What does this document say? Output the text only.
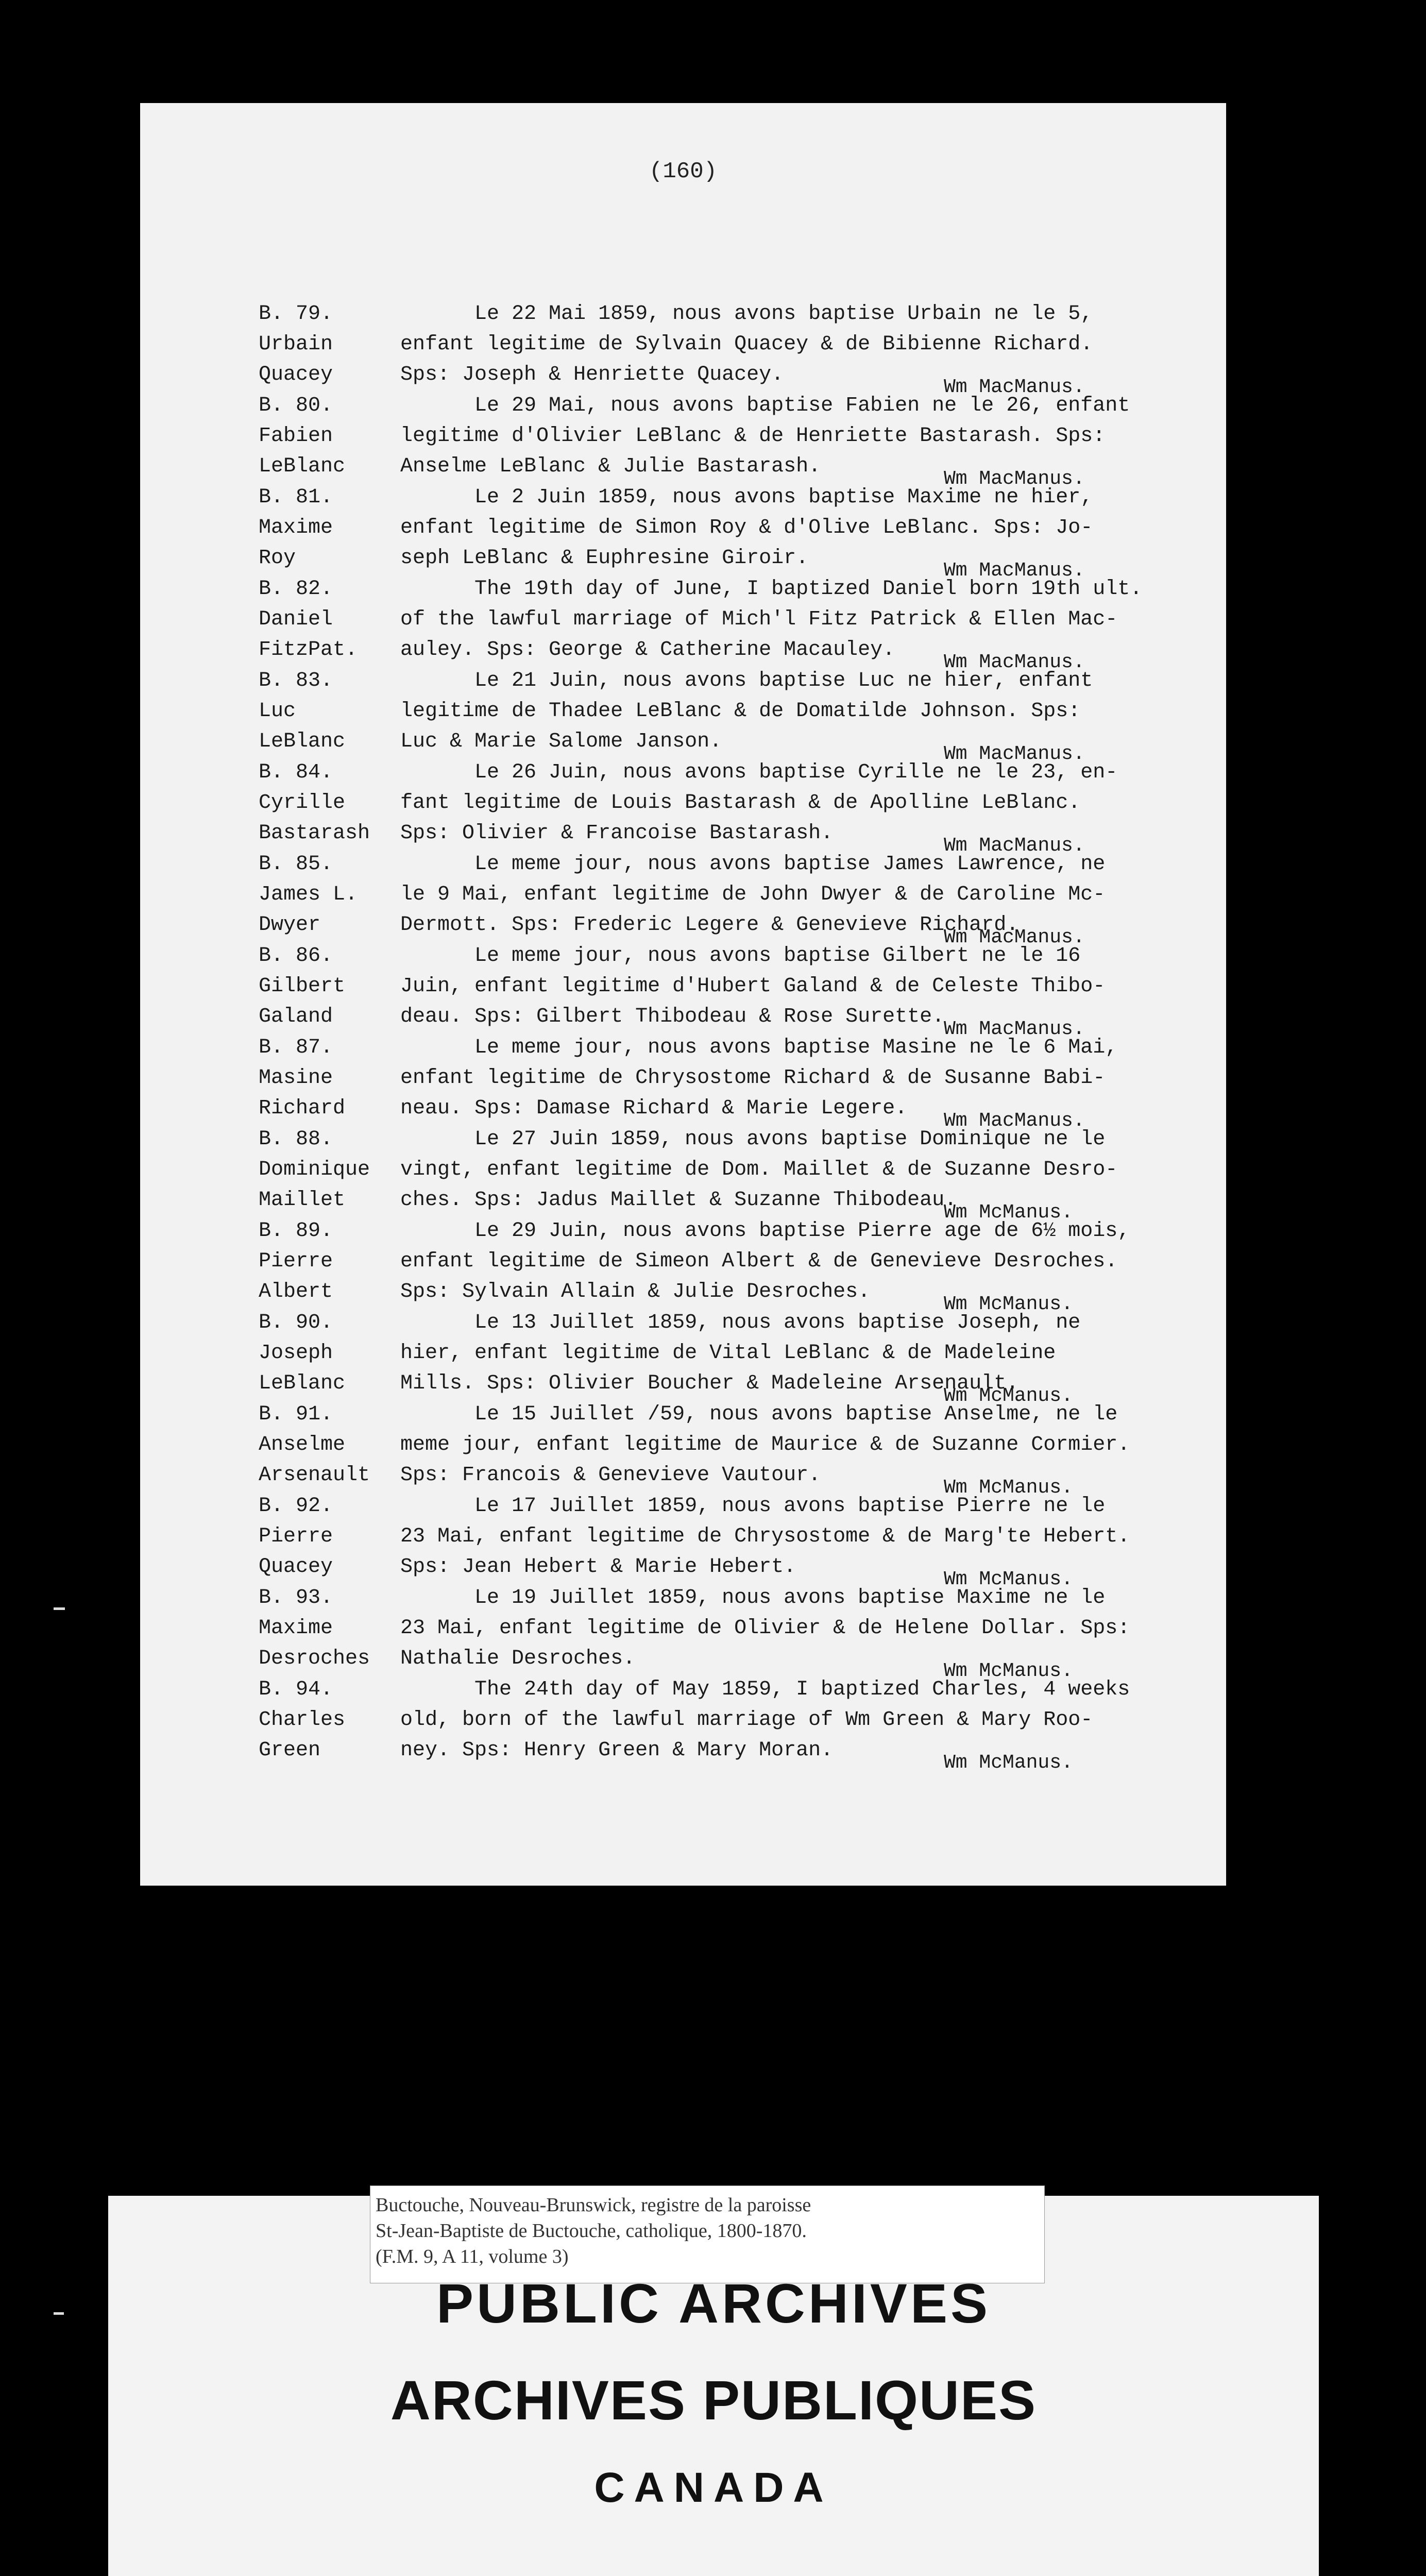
(160)
B. 79.
Urbain
Quacey
Le 22 Mai 1859, nous avons baptise Urbain ne le 5,
enfant legitime de Sylvain Quacey & de Bibienne Richard.
Sps: Joseph & Henriette Quacey.
Wm MacManus.
B. 80.
Fabien
LeBlanc
Le 29 Mai, nous avons baptise Fabien ne le 26, enfant
legitime d'Olivier LeBlanc & de Henriette Bastarash. Sps:
Anselme LeBlanc & Julie Bastarash.
Wm MacManus.
B. 81.
Maxime
Roy
Le 2 Juin 1859, nous avons baptise Maxime ne hier,
enfant legitime de Simon Roy & d'Olive LeBlanc. Sps: Jo-
seph LeBlanc & Euphresine Giroir.
Wm MacManus.
B. 82.
Daniel
FitzPat.
The 19th day of June, I baptized Daniel born 19th ult.
of the lawful marriage of Mich'l Fitz Patrick & Ellen Mac-
auley. Sps: George & Catherine Macauley.
Wm MacManus.
B. 83.
Luc
LeBlanc
Le 21 Juin, nous avons baptise Luc ne hier, enfant
legitime de Thadee LeBlanc & de Domatilde Johnson. Sps:
Luc & Marie Salome Janson.
Wm MacManus.
B. 84.
Cyrille
Bastarash
Le 26 Juin, nous avons baptise Cyrille ne le 23, en-
fant legitime de Louis Bastarash & de Apolline LeBlanc.
Sps: Olivier & Francoise Bastarash.
Wm MacManus.
B. 85.
James L.
Dwyer
Le meme jour, nous avons baptise James Lawrence, ne
le 9 Mai, enfant legitime de John Dwyer & de Caroline Mc-
Dermott. Sps: Frederic Legere & Genevieve Richard.
Wm MacManus.
B. 86.
Gilbert
Galand
Le meme jour, nous avons baptise Gilbert ne le 16
Juin, enfant legitime d'Hubert Galand & de Celeste Thibo-
deau. Sps: Gilbert Thibodeau & Rose Surette.
Wm MacManus.
B. 87.
Masine
Richard
Le meme jour, nous avons baptise Masine ne le 6 Mai,
enfant legitime de Chrysostome Richard & de Susanne Babi-
neau. Sps: Damase Richard & Marie Legere.
Wm MacManus.
B. 88.
Dominique
Maillet
Le 27 Juin 1859, nous avons baptise Dominique ne le
vingt, enfant legitime de Dom. Maillet & de Suzanne Desro-
ches. Sps: Jadus Maillet & Suzanne Thibodeau.
Wm McManus.
B. 89.
Pierre
Albert
Le 29 Juin, nous avons baptise Pierre age de 6½ mois,
enfant legitime de Simeon Albert & de Genevieve Desroches.
Sps: Sylvain Allain & Julie Desroches.
Wm McManus.
B. 90.
Joseph
LeBlanc
Le 13 Juillet 1859, nous avons baptise Joseph, ne
hier, enfant legitime de Vital LeBlanc & de Madeleine
Mills. Sps: Olivier Boucher & Madeleine Arsenault.
Wm McManus.
B. 91.
Anselme
Arsenault
Le 15 Juillet /59, nous avons baptise Anselme, ne le
meme jour, enfant legitime de Maurice & de Suzanne Cormier.
Sps: Francois & Genevieve Vautour.
Wm McManus.
B. 92.
Pierre
Quacey
Le 17 Juillet 1859, nous avons baptise Pierre ne le
23 Mai, enfant legitime de Chrysostome & de Marg'te Hebert.
Sps: Jean Hebert & Marie Hebert.
Wm McManus.
B. 93.
Maxime
Desroches
Le 19 Juillet 1859, nous avons baptise Maxime ne le
23 Mai, enfant legitime de Olivier & de Helene Dollar. Sps:
Nathalie Desroches.
Wm McManus.
B. 94.
Charles
Green
The 24th day of May 1859, I baptized Charles, 4 weeks
old, born of the lawful marriage of Wm Green & Mary Roo-
ney. Sps: Henry Green & Mary Moran.
Wm McManus.
Buctouche, Nouveau-Brunswick, registre de la paroisse
St-Jean-Baptiste de Buctouche, catholique, 1800-1870.
(F.M. 9, A 11, volume 3)
PUBLIC ARCHIVES
ARCHIVES PUBLIQUES
CANADA
